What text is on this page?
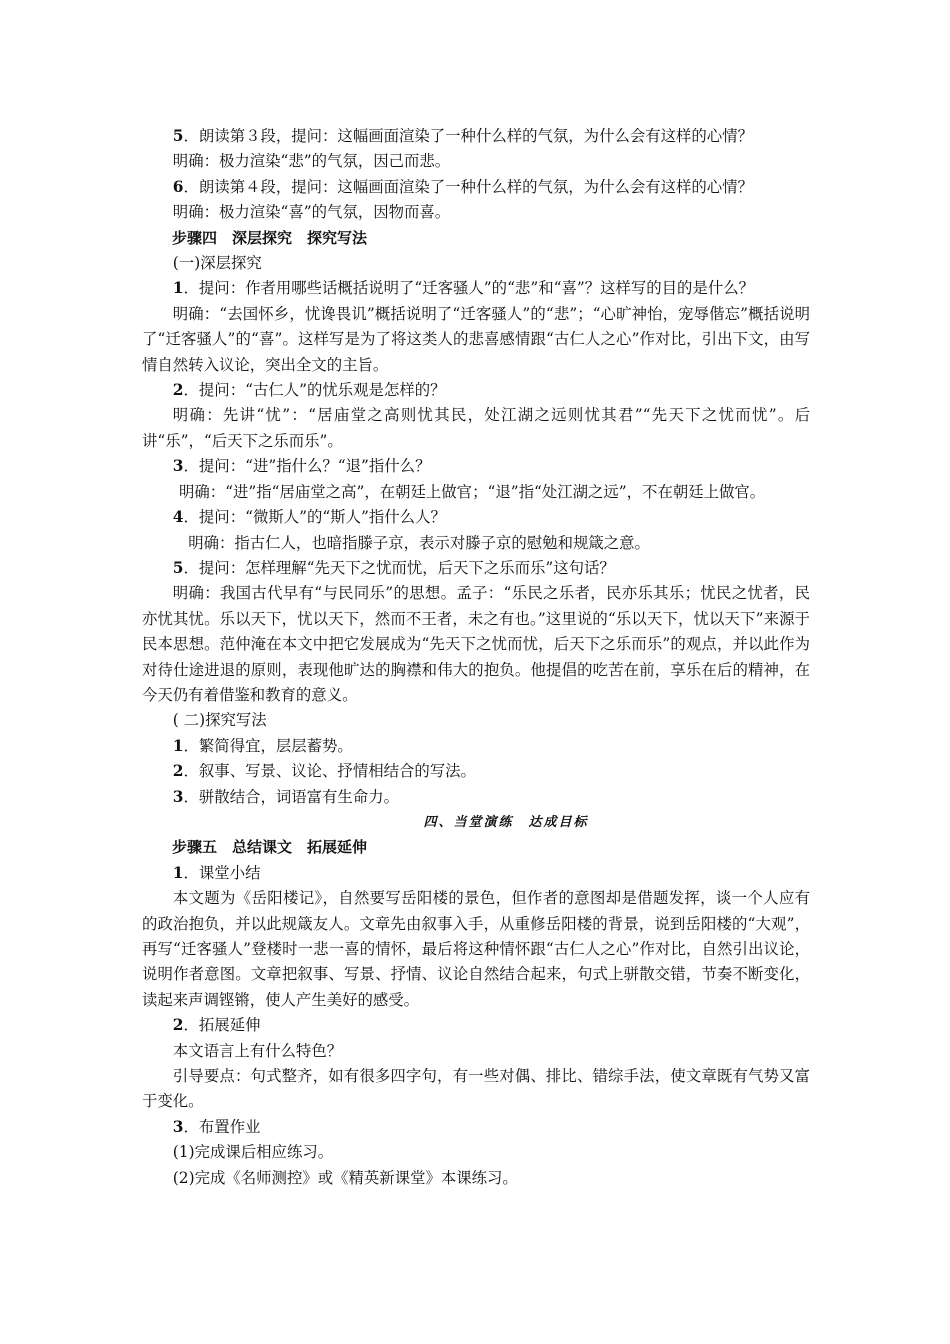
5．朗读第３段，提问：这幅画面渲染了一种什么样的气氛，为什么会有这样的心情？

明确：极力渲染“悲”的气氛，因己而悲。

6．朗读第４段，提问：这幅画面渲染了一种什么样的气氛，为什么会有这样的心情？

明确：极力渲染“喜”的气氛，因物而喜。

步骤四　深层探究　探究写法

(一)深层探究

1．提问：作者用哪些话概括说明了“迁客骚人”的“悲”和“喜”？这样写的目的是什么？

明确：“去国怀乡，忧谗畏讥”概括说明了“迁客骚人”的“悲”；“心旷神怡，宠辱偕忘”概括说明了“迁客骚人”的“喜”。这样写是为了将这类人的悲喜感情跟“古仁人之心”作对比，引出下文，由写情自然转入议论，突出全文的主旨。

2．提问：“古仁人”的忧乐观是怎样的？

明确：先讲“忧”：“居庙堂之高则忧其民，处江湖之远则忧其君”“先天下之忧而忧”。后讲“乐”，“后天下之乐而乐”。

3．提问：“进”指什么？“退”指什么？

明确：“进”指“居庙堂之高”，在朝廷上做官；“退”指“处江湖之远”，不在朝廷上做官。

4．提问：“微斯人”的“斯人”指什么人？

明确：指古仁人，也暗指滕子京，表示对滕子京的慰勉和规箴之意。

5．提问：怎样理解“先天下之忧而忧，后天下之乐而乐”这句话？

明确：我国古代早有“与民同乐”的思想。孟子：“乐民之乐者，民亦乐其乐；忧民之忧者，民亦忧其忧。乐以天下，忧以天下，然而不王者，未之有也。”这里说的“乐以天下，忧以天下”来源于民本思想。范仲淹在本文中把它发展成为“先天下之忧而忧，后天下之乐而乐”的观点，并以此作为对待仕途进退的原则，表现他旷达的胸襟和伟大的抱负。他提倡的吃苦在前，享乐在后的精神，在今天仍有着借鉴和教育的意义。

( 二)探究写法

1．繁简得宜，层层蓄势。

2．叙事、写景、议论、抒情相结合的写法。

3．骈散结合，词语富有生命力。

四、当堂演练　达成目标

步骤五　总结课文　拓展延伸

1．课堂小结

本文题为《岳阳楼记》，自然要写岳阳楼的景色，但作者的意图却是借题发挥，谈一个人应有的政治抱负，并以此规箴友人。文章先由叙事入手，从重修岳阳楼的背景，说到岳阳楼的“大观”，再写“迁客骚人”登楼时一悲一喜的情怀，最后将这种情怀跟“古仁人之心”作对比，自然引出议论，说明作者意图。文章把叙事、写景、抒情、议论自然结合起来，句式上骈散交错，节奏不断变化，读起来声调铿锵，使人产生美好的感受。

2．拓展延伸

本文语言上有什么特色？

引导要点：句式整齐，如有很多四字句，有一些对偶、排比、错综手法，使文章既有气势又富于变化。

3．布置作业

(1)完成课后相应练习。

(2)完成《名师测控》或《精英新课堂》本课练习。
